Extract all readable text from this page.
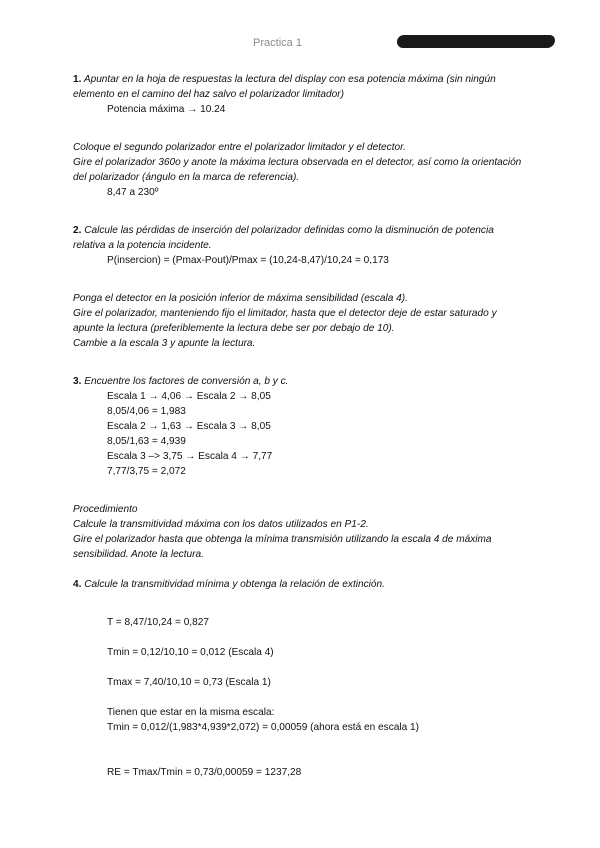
Practica 1

1. Apuntar en la hoja de respuestas la lectura del display con esa potencia máxima (sin ningún elemento en el camino del haz salvo el polarizador limitador)

Potencia máxima → 10.24

Coloque el segundo polarizador entre el polarizador limitador y el detector.

Gire el polarizador 360o y anote la máxima lectura observada en el detector, así como la orientación del polarizador (ángulo en la marca de referencia).

8,47 a 230º

2. Calcule las pérdidas de inserción del polarizador definidas como la disminución de potencia relativa a la potencia incidente.

P(insercion) = (Pmax-Pout)/Pmax = (10,24-8,47)/10,24 = 0,173

Ponga el detector en la posición inferior de máxima sensibilidad (escala 4).

Gire el polarizador, manteniendo fijo el limitador, hasta que el detector deje de estar saturado y apunte la lectura (preferiblemente la lectura debe ser por debajo de 10).

Cambie a la escala 3 y apunte la lectura.

3. Encuentre los factores de conversión a, b y c.

Escala 1 → 4,06 → Escala 2 → 8,05

8,05/4,06 = 1,983

Escala 2 → 1,63 → Escala 3 → 8,05

8,05/1,63 = 4,939

Escala 3 –> 3,75 → Escala 4 → 7,77

7,77/3,75 = 2,072

Procedimiento

Calcule la transmitividad máxima con los datos utilizados en P1-2.

Gire el polarizador hasta que obtenga la mínima transmisión utilizando la escala 4 de máxima sensibilidad. Anote la lectura.

4. Calcule la transmitividad mínima y obtenga la relación de extinción.

T = 8,47/10,24 = 0,827

Tmin = 0,12/10,10 = 0,012 (Escala 4)

Tmax = 7,40/10,10 = 0,73 (Escala 1)

Tienen que estar en la misma escala:

Tmin = 0,012/(1,983*4,939*2,072) = 0,00059 (ahora está en escala 1)

RE = Tmax/Tmin = 0,73/0,00059 = 1237,28
